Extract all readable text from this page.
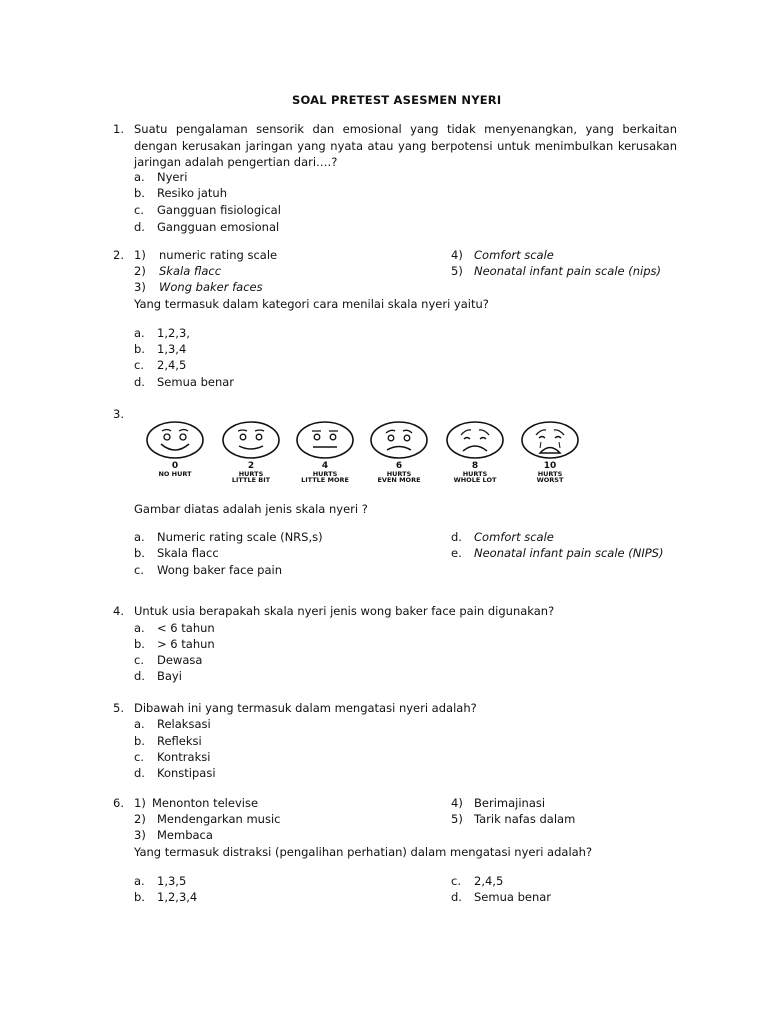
SOAL PRETEST ASESMEN NYERI
1. Suatu pengalaman sensorik dan emosional yang tidak menyenangkan, yang berkaitan dengan kerusakan jaringan yang nyata atau yang berpotensi untuk menimbulkan kerusakan jaringan adalah pengertian dari….?
a. Nyeri
b. Resiko jatuh
c. Gangguan fisiological
d. Gangguan emosional
2. 1) numeric rating scale
2) Skala flacc
3) Wong baker faces
4) Comfort scale
5) Neonatal infant pain scale (nips)
Yang termasuk dalam kategori cara menilai skala nyeri yaitu?
a. 1,2,3,
b. 1,3,4
c. 2,4,5
d. Semua benar
3.
0
NO HURT
2
HURTS
LITTLE BIT
4
HURTS
LITTLE MORE
6
HURTS
EVEN MORE
8
HURTS
WHOLE LOT
10
HURTS
WORST
Gambar diatas adalah jenis skala nyeri ?
a. Numeric rating scale (NRS,s)
b. Skala flacc
c. Wong baker face pain
d. Comfort scale
e. Neonatal infant pain scale (NIPS)
4. Untuk usia berapakah skala nyeri jenis wong baker face pain digunakan?
a. < 6 tahun
b. > 6 tahun
c. Dewasa
d. Bayi
5. Dibawah ini yang termasuk dalam mengatasi nyeri adalah?
a. Relaksasi
b. Refleksi
c. Kontraksi
d. Konstipasi
6. 1) Menonton televise
2) Mendengarkan music
3) Membaca
4) Berimajinasi
5) Tarik nafas dalam
Yang termasuk distraksi (pengalihan perhatian) dalam mengatasi nyeri adalah?
a. 1,3,5
b. 1,2,3,4
c. 2,4,5
d. Semua benar
